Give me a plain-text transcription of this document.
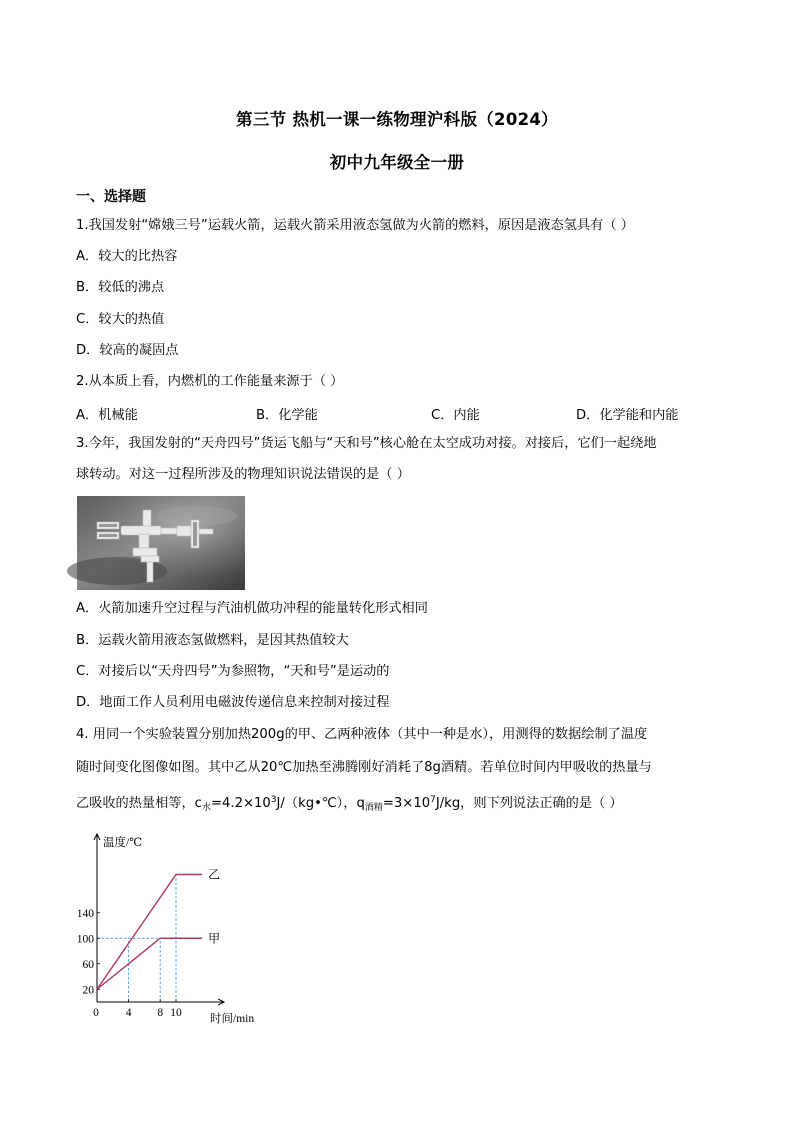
第三节 热机一课一练物理沪科版（2024）
初中九年级全一册
一、选择题
1.我国发射“嫦娥三号”运载火箭，运载火箭采用液态氢做为火箭的燃料，原因是液态氢具有（ ）
A．较大的比热容
B．较低的沸点
C．较大的热值
D．较高的凝固点
2.从本质上看，内燃机的工作能量来源于（ ）
A．机械能	B．化学能	C．内能	D．化学能和内能
3.今年，我国发射的“天舟四号”货运飞船与“天和号”核心舱在太空成功对接。对接后，它们一起绕地
球转动。对这一过程所涉及的物理知识说法错误的是（ ）
A．火箭加速升空过程与汽油机做功冲程的能量转化形式相同
B．运载火箭用液态氢做燃料，是因其热值较大
C．对接后以“天舟四号”为参照物，“天和号”是运动的
D．地面工作人员利用电磁波传递信息来控制对接过程
4. 用同一个实验装置分别加热200g的甲、乙两种液体（其中一种是水），用测得的数据绘制了温度
随时间变化图像如图。其中乙从20℃加热至沸腾刚好消耗了8g酒精。若单位时间内甲吸收的热量与
乙吸收的热量相等，$c_水=4.2\times 10^3J/(kg•℃)$，$q_{酒精}=3\times 10^7J/kg$，则下列说法正确的是（ ）
温度/℃
时间/min
乙
甲
20
60
100
140
0 4 8 10
